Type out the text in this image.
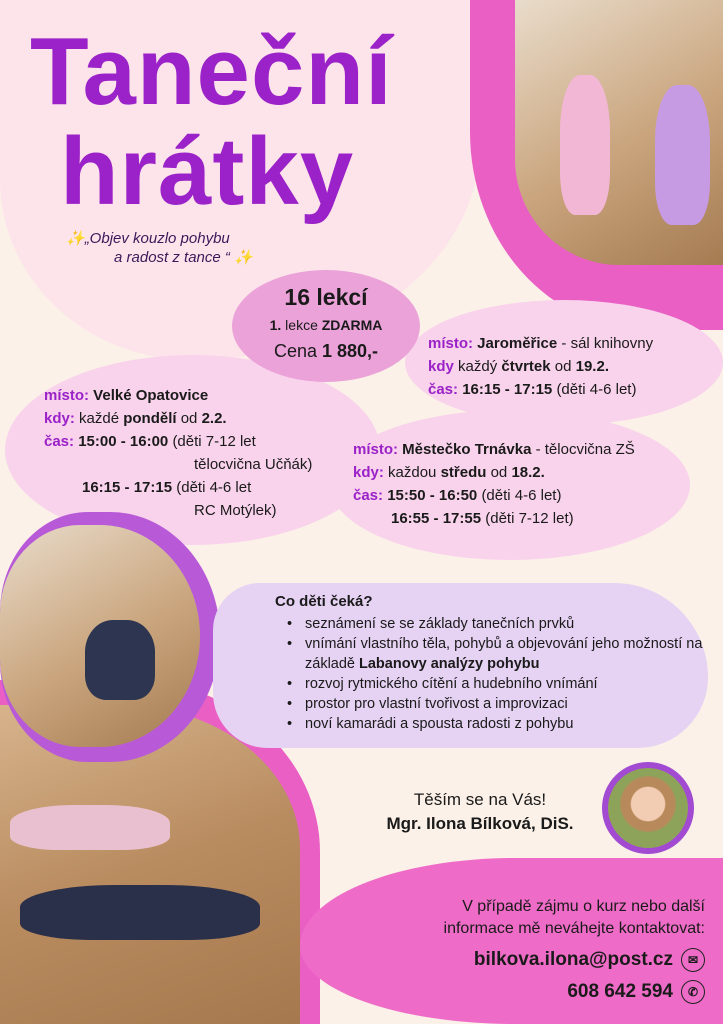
Taneční
hrátky
✨„Objev kouzlo pohybu
a radost z tance “ ✨
16 lekcí
1. lekce ZDARMA
Cena 1 880,-
místo: Velké Opatovice
kdy: každé pondělí od 2.2.
čas: 15:00 - 16:00 (děti 7-12 let
tělocvična Učňák)
16:15 - 17:15 (děti 4-6 let
RC Motýlek)
místo: Jaroměřice - sál knihovny
kdy každý čtvrtek od 19.2.
čas: 16:15 - 17:15 (děti 4-6 let)
místo: Městečko Trnávka - tělocvična ZŠ
kdy: každou středu od 18.2.
čas: 15:50 - 16:50 (děti 4-6 let)
16:55 - 17:55 (děti 7-12 let)
Co děti čeká?
• seznámení se se základy tanečních prvků
• vnímání vlastního těla, pohybů a objevování jeho možností na základě Labanovy analýzy pohybu
• rozvoj rytmického cítění a hudebního vnímání
• prostor pro vlastní tvořivost a improvizaci
• noví kamarádi a spousta radosti z pohybu
Těším se na Vás!
Mgr. Ilona Bílková, DiS.
V případě zájmu o kurz nebo další
informace mě neváhejte kontaktovat:
bilkova.ilona@post.cz	✉
608 642 594	✆
